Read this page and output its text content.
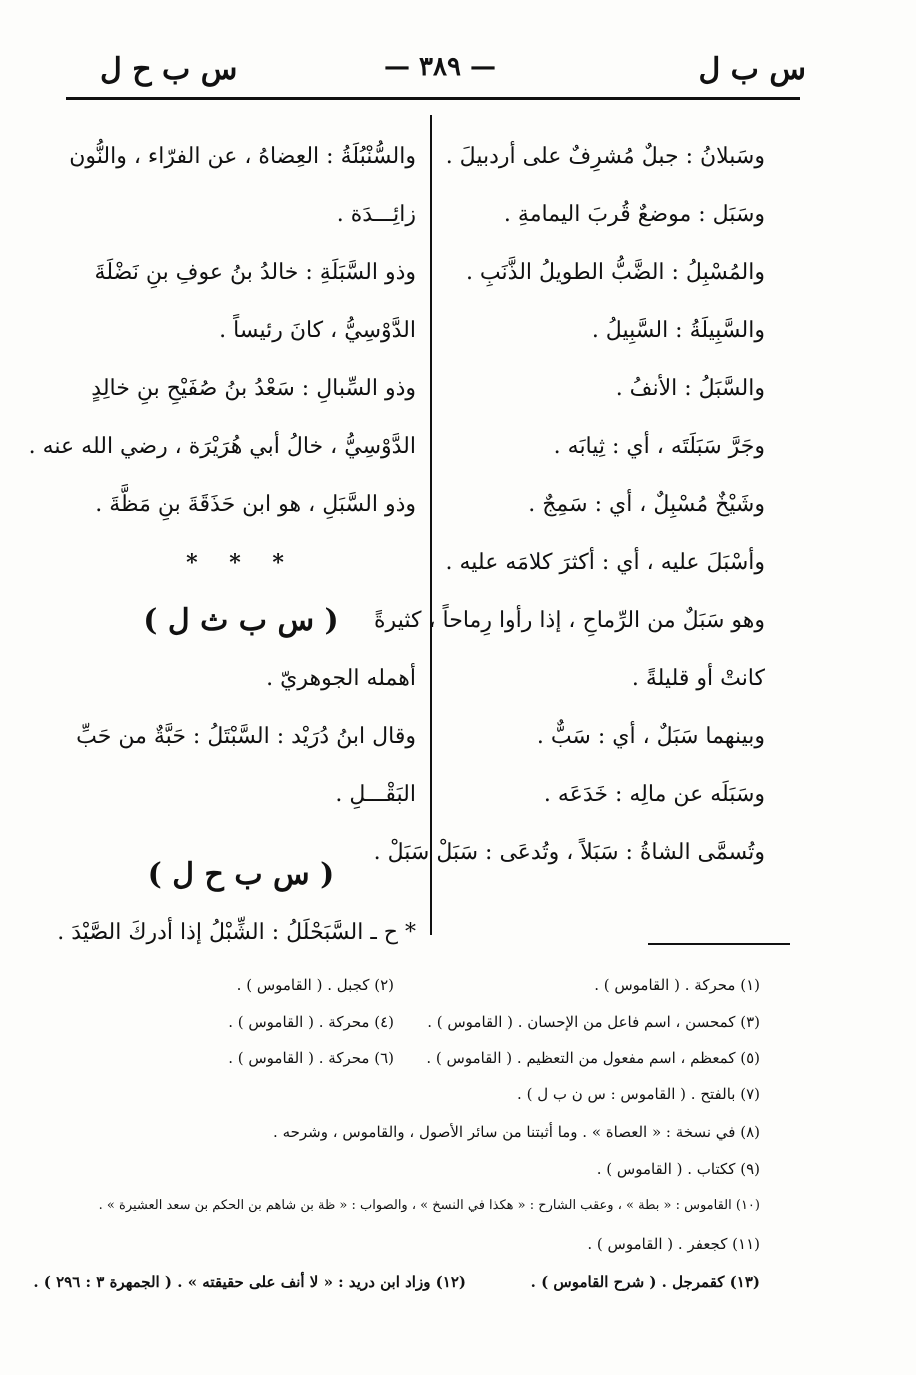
س ب ل
— ٣٨٩ —
س ب ح ل

وسَبلانُ : جبلٌ مُشرِفٌ على أردبيلَ .

وسَبَل : موضعٌ قُربَ اليمامةِ .

والمُسْبِلُ : الضَّبُّ الطويلُ الذَّنَبِ .

والسَّبِيلَةُ : السَّبِيلُ .

والسَّبَلُ : الأنفُ .

وجَرَّ سَبَلَتَه ، أي : ثِيابَه .

وشَيْخٌ مُسْبِلٌ ، أي : سَمِجٌ .

وأسْبَلَ عليه ، أي : أكثرَ كلامَه عليه .

وهو سَبَلٌ من الرِّماحِ ، إذا رأوا رِماحاً ، كثيرةً

كانتْ أو قليلةً .

وبينهما سَبَلٌ ، أي : سَبٌّ .

وسَبَلَه عن مالِه : خَدَعَه .

وتُسمَّى الشاةُ : سَبَلاً ، وتُدعَى : سَبَلْ سَبَلْ .

والسُّنْبُلَةُ : العِضاهُ ، عن الفرّاء ، والنُّون

زائِـــدَة .

وذو السَّبَلَةِ : خالدُ بنُ عوفِ بنِ نَضْلَةَ

الدَّوْسِيُّ ، كانَ رئيساً .

وذو السِّبالِ : سَعْدُ بنُ صُفَيْحِ بنِ خالِدٍ

الدَّوْسِيُّ ، خالُ أبي هُرَيْرَة ، رضي الله عنه .

وذو السَّبَلِ ، هو ابن حَذَقَةَ بنِ مَظَّةَ .

* * *

( س ب ث ل )

أهمله الجوهريّ .

وقال ابنُ دُرَيْد : السَّبْتَلُ : حَبَّةٌ من حَبِّ

البَقْـــلِ .

( س ب ح ل )

* ح ـ السَّبَحْلَلُ : الشِّبْلُ إذا أدركَ الصَّيْدَ .

(١) محركة . ( القاموس ) .
(٢) كجبل . ( القاموس ) .
(٣) كمحسن ، اسم فاعل من الإحسان . ( القاموس ) .
(٤) محركة . ( القاموس ) .
(٥) كمعظم ، اسم مفعول من التعظيم . ( القاموس ) .
(٦) محركة . ( القاموس ) .
(٧) بالفتح . ( القاموس : س ن ب ل ) .
(٨) في نسخة : « العصاة » . وما أثبتنا من سائر الأصول ، والقاموس ، وشرحه .
(٩) ككتاب . ( القاموس ) .
(١٠) القاموس : « بطة » ، وعقب الشارح : « هكذا في النسخ » ، والصواب : « ظة بن شاهم بن الحكم بن سعد العشيرة » .
(١١) كجعفر . ( القاموس ) .
(١٢) وزاد ابن دريد : « لا أنف على حقيقته » . ( الجمهرة ٣ : ٢٩٦ ) .	(١٣) كقمرجل . ( شرح القاموس ) .
